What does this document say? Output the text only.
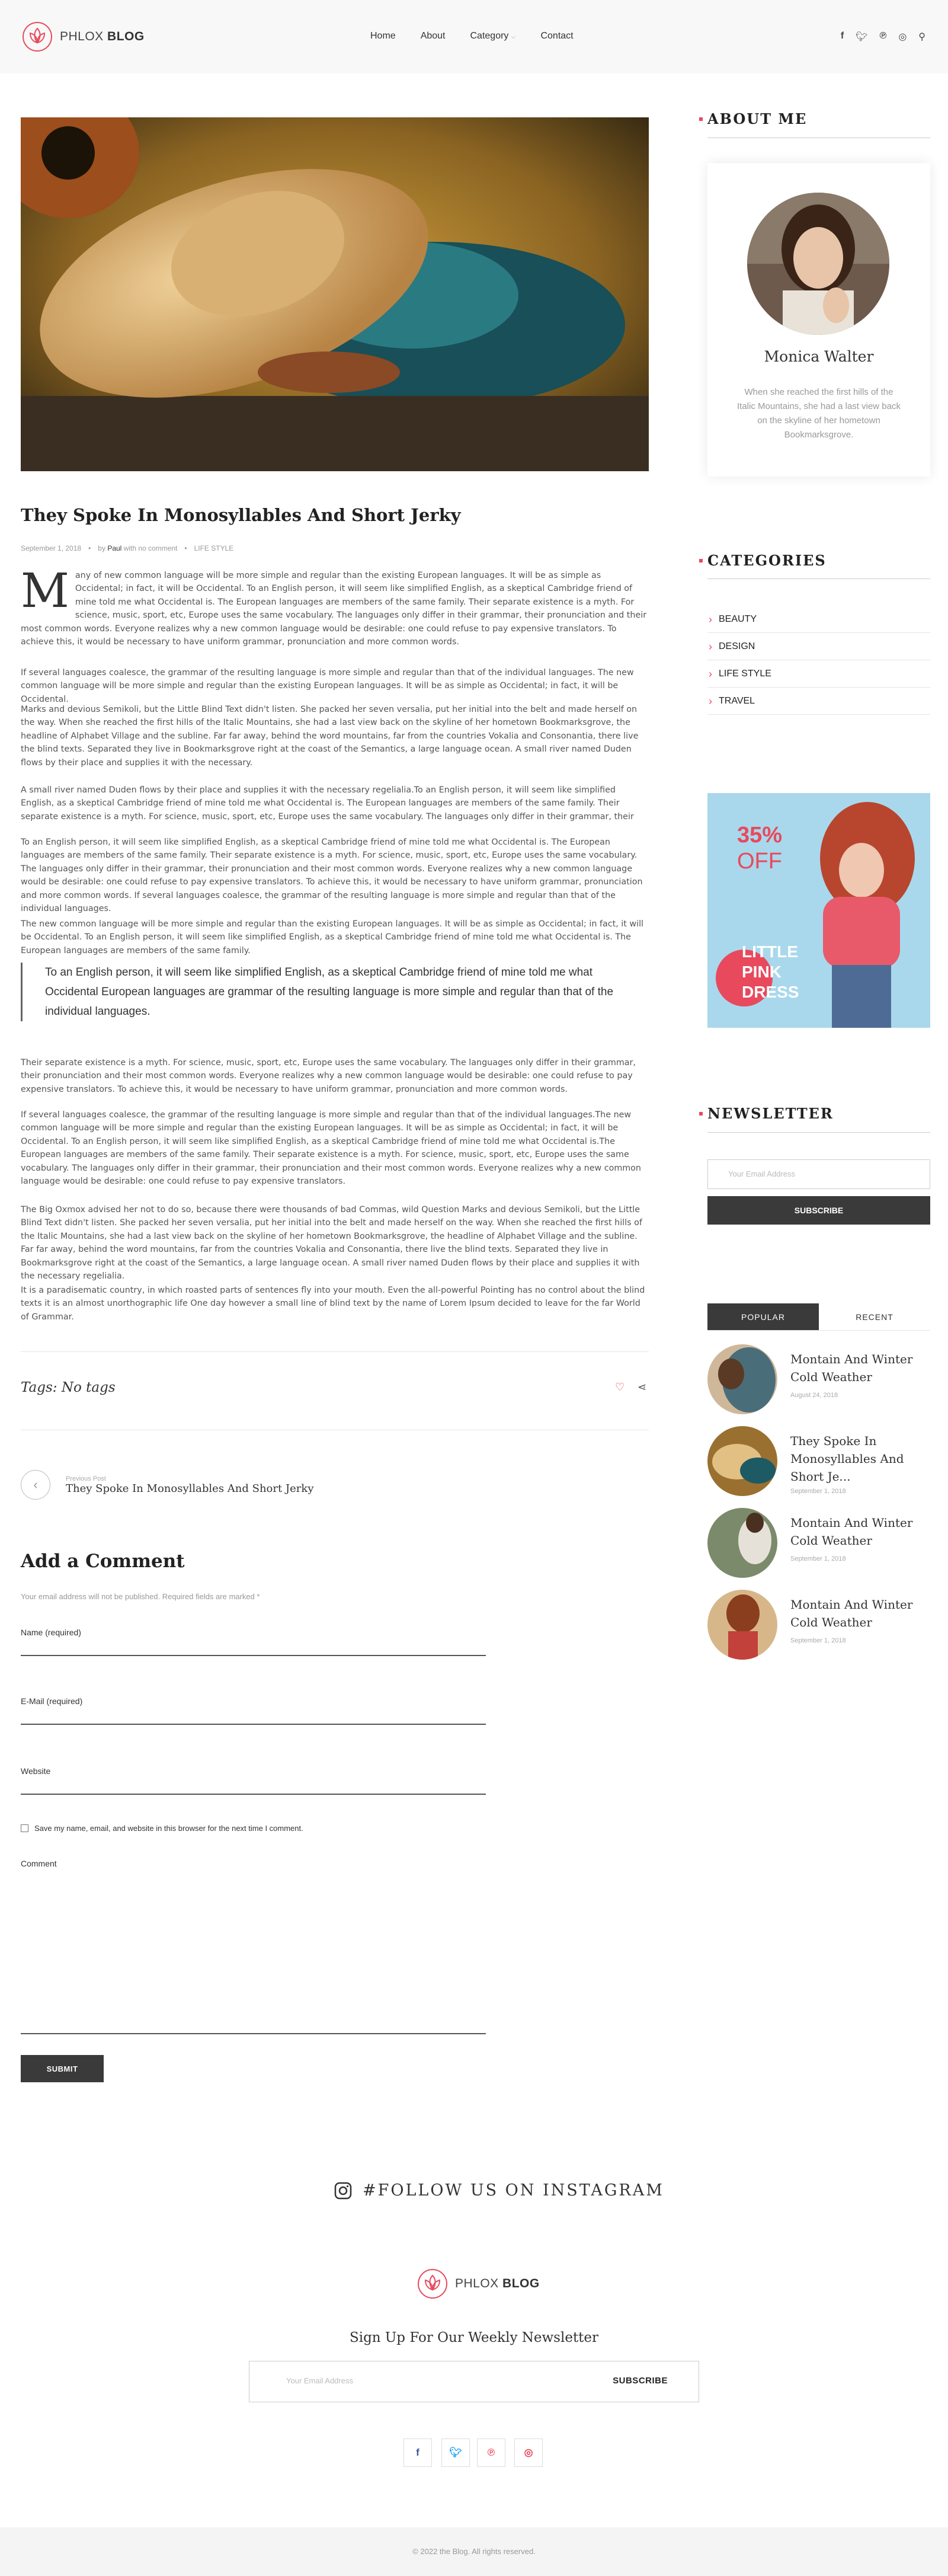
PHLOX BLOG	Home	About	Category ⌵	Contact	f 🐦︎ ℗ ◎ ⚲
They Spoke In Monosyllables And Short Jerky
September 1, 2018 • by Paul with no comment • LIFE STYLE
Many of new common language will be more simple and regular than the existing European languages. It will be as simple as Occidental; in fact, it will be Occidental. To an English person, it will seem like simplified English, as a skeptical Cambridge friend of mine told me what Occidental is. The European languages are members of the same family. Their separate existence is a myth. For science, music, sport, etc, Europe uses the same vocabulary. The languages only differ in their grammar, their pronunciation and their most common words. Everyone realizes why a new common language would be desirable: one could refuse to pay expensive translators. To achieve this, it would be necessary to have uniform grammar, pronunciation and more common words.
If several languages coalesce, the grammar of the resulting language is more simple and regular than that of the individual languages. The new common language will be more simple and regular than the existing European languages. It will be as simple as Occidental; in fact, it will be Occidental.
Marks and devious Semikoli, but the Little Blind Text didn't listen. She packed her seven versalia, put her initial into the belt and made herself on the way. When she reached the first hills of the Italic Mountains, she had a last view back on the skyline of her hometown Bookmarksgrove, the headline of Alphabet Village and the subline. Far far away, behind the word mountains, far from the countries Vokalia and Consonantia, there live the blind texts. Separated they live in Bookmarksgrove right at the coast of the Semantics, a large language ocean. A small river named Duden flows by their place and supplies it with the necessary.
A small river named Duden flows by their place and supplies it with the necessary regelialia.To an English person, it will seem like simplified English, as a skeptical Cambridge friend of mine told me what Occidental is. The European languages are members of the same family. Their separate existence is a myth. For science, music, sport, etc, Europe uses the same vocabulary. The languages only differ in their grammar, their
To an English person, it will seem like simplified English, as a skeptical Cambridge friend of mine told me what Occidental is. The European languages are members of the same family. Their separate existence is a myth. For science, music, sport, etc, Europe uses the same vocabulary. The languages only differ in their grammar, their pronunciation and their most common words. Everyone realizes why a new common language would be desirable: one could refuse to pay expensive translators. To achieve this, it would be necessary to have uniform grammar, pronunciation and more common words. If several languages coalesce, the grammar of the resulting language is more simple and regular than that of the individual languages.
The new common language will be more simple and regular than the existing European languages. It will be as simple as Occidental; in fact, it will be Occidental. To an English person, it will seem like simplified English, as a skeptical Cambridge friend of mine told me what Occidental is. The European languages are members of the same family.
To an English person, it will seem like simplified English, as a skeptical Cambridge friend of mine told me what Occidental European languages are grammar of the resulting language is more simple and regular than that of the individual languages.
Their separate existence is a myth. For science, music, sport, etc, Europe uses the same vocabulary. The languages only differ in their grammar, their pronunciation and their most common words. Everyone realizes why a new common language would be desirable: one could refuse to pay expensive translators. To achieve this, it would be necessary to have uniform grammar, pronunciation and more common words.
If several languages coalesce, the grammar of the resulting language is more simple and regular than that of the individual languages.The new common language will be more simple and regular than the existing European languages. It will be as simple as Occidental; in fact, it will be Occidental. To an English person, it will seem like simplified English, as a skeptical Cambridge friend of mine told me what Occidental is.The European languages are members of the same family. Their separate existence is a myth. For science, music, sport, etc, Europe uses the same vocabulary. The languages only differ in their grammar, their pronunciation and their most common words. Everyone realizes why a new common language would be desirable: one could refuse to pay expensive translators.
The Big Oxmox advised her not to do so, because there were thousands of bad Commas, wild Question Marks and devious Semikoli, but the Little Blind Text didn't listen. She packed her seven versalia, put her initial into the belt and made herself on the way. When she reached the first hills of the Italic Mountains, she had a last view back on the skyline of her hometown Bookmarksgrove, the headline of Alphabet Village and the subline. Far far away, behind the word mountains, far from the countries Vokalia and Consonantia, there live the blind texts. Separated they live in Bookmarksgrove right at the coast of the Semantics, a large language ocean. A small river named Duden flows by their place and supplies it with the necessary regelialia.
It is a paradisematic country, in which roasted parts of sentences fly into your mouth. Even the all-powerful Pointing has no control about the blind texts it is an almost unorthographic life One day however a small line of blind text by the name of Lorem Ipsum decided to leave for the far World of Grammar.
Tags: No tags	♡ ⋖
‹	Previous Post
They Spoke In Monosyllables And Short Jerky
Add a Comment
Your email address will not be published. Required fields are marked *
Name (required)
E-Mail (required)
Website
Save my name, email, and website in this browser for the next time I comment.
Comment
SUBMIT
ABOUT ME
Monica Walter
When she reached the first hills of the Italic Mountains, she had a last view back on the skyline of her hometown Bookmarksgrove.
CATEGORIES
› BEAUTY
› DESIGN
› LIFE STYLE
› TRAVEL
35%
OFF
LITTLE
PINK
DRESS
NEWSLETTER
Your Email Address
SUBSCRIBE
POPULAR	RECENT
Montain And Winter Cold Weather
August 24, 2018
They Spoke In Monosyllables And Short Je...
September 1, 2018
Montain And Winter Cold Weather
September 1, 2018
Montain And Winter Cold Weather
September 1, 2018
#FOLLOW US ON INSTAGRAM
PHLOX BLOG
Sign Up For Our Weekly Newsletter
Your Email Address	SUBSCRIBE
f	🐦︎	℗	◎
© 2022 the Blog. All rights reserved.
